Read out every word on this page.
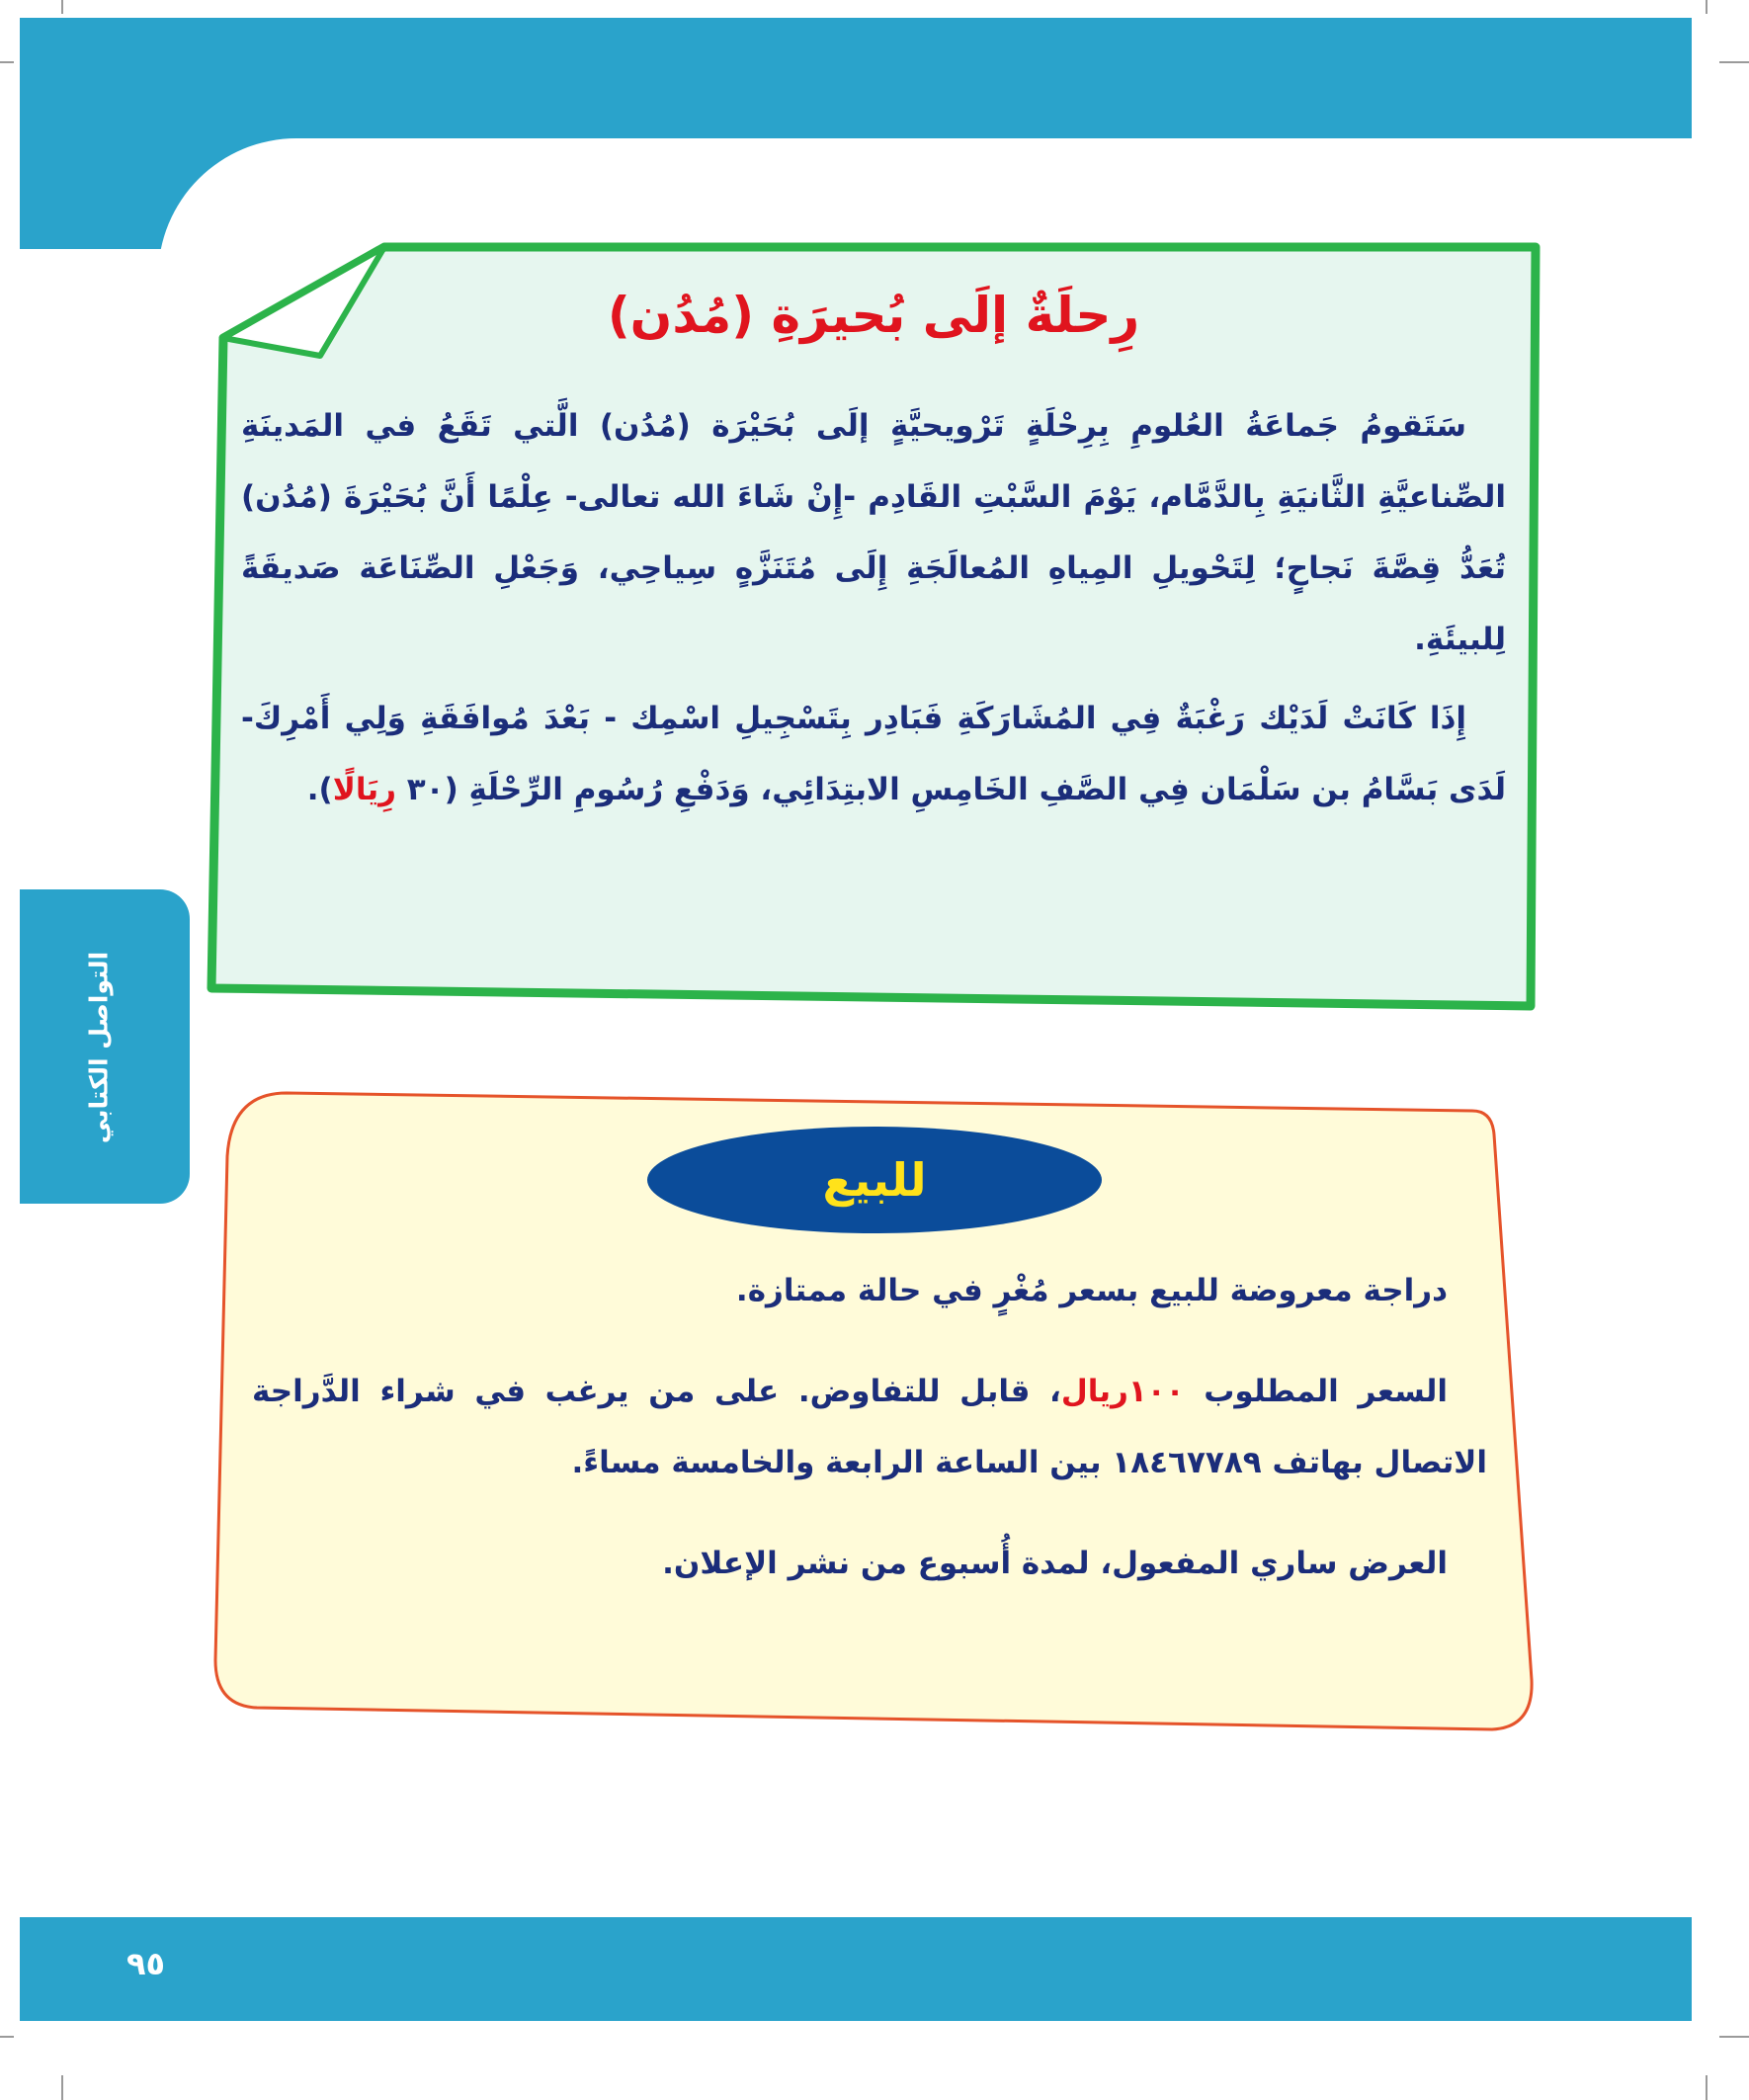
التواصل الكتابي
رِحلَةٌ إلَى بُحيرَةِ (مُدُن)

سَتَقومُ جَماعَةُ العُلومِ بِرِحْلَةٍ تَرْويحيَّةٍ إلَى بُحَيْرَة (مُدُن) الَّتي تَقَعُ في المَدينَةِ الصِّناعيَّةِ الثَّانيَةِ بِالدَّمَّام، يَوْمَ السَّبْتِ القَادِم -إِنْ شَاءَ الله تعالى- عِلْمًا أَنَّ بُحَيْرَةَ (مُدُن) تُعَدُّ قِصَّةَ نَجاحٍ؛ لِتَحْويلِ المِياهِ المُعالَجَةِ إِلَى مُتَنَزَّهٍ سِياحِي، وَجَعْلِ الصِّنَاعَة صَديقَةً لِلبيئَةِ.

إِذَا كَانَتْ لَدَيْك رَغْبَةٌ فِي المُشَارَكَةِ فَبَادِر بِتَسْجِيلِ اسْمِك - بَعْدَ مُوافَقَةِ وَلِي أَمْرِكَ- لَدَى بَسَّامُ بن سَلْمَان فِي الصَّفِ الخَامِسِ الابتِدَائِي، وَدَفْعِ رُسُومِ الرِّحْلَةِ (٣٠ رِيَالًا).

للبيع

دراجة معروضة للبيع بسعر مُغْرٍ في حالة ممتازة.

السعر المطلوب ١٠٠ريال، قابل للتفاوض. على من يرغب في شراء الدَّراجة الاتصال بهاتف ١٨٤٦٧٧٨٩ بين الساعة الرابعة والخامسة مساءً.

العرض ساري المفعول، لمدة أُسبوع من نشر الإعلان.

٩٥
